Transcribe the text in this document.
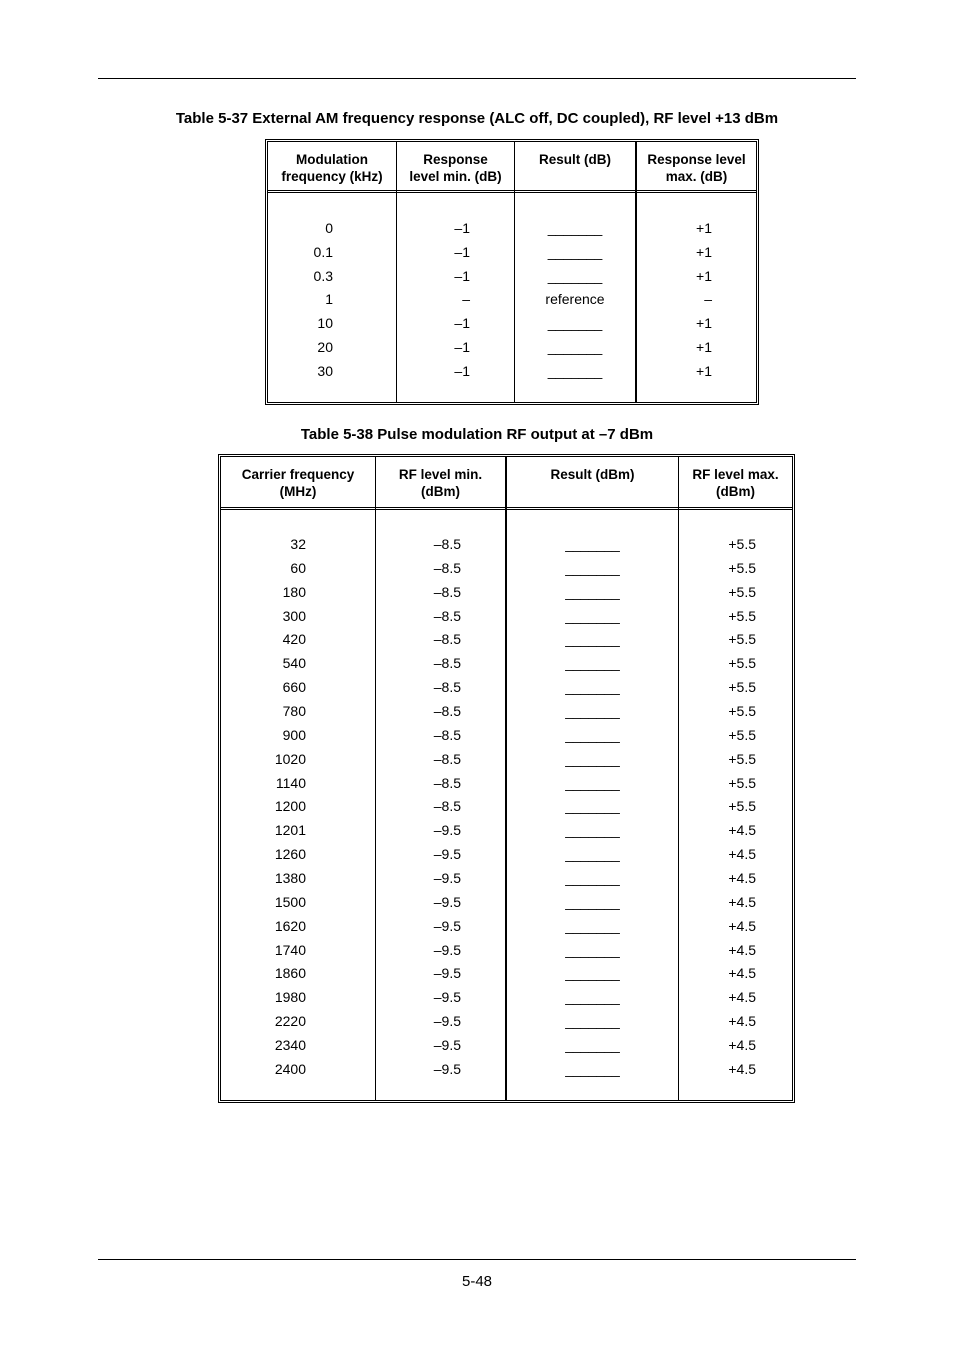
Table 5-37 External AM frequency response (ALC off, DC coupled), RF level +13 dBm
Modulation
frequency (kHz)
0
0.1
0.3
1
10
20
30
Response
level min. (dB)
–1
–1
–1
–
–1
–1
–1
Result (dB)
_______
_______
_______
reference
_______
_______
_______
Response level
max. (dB)
+1
+1
+1
–
+1
+1
+1
Table 5-38 Pulse modulation RF output at –7 dBm
Carrier frequency
(MHz)
32
60
180
300
420
540
660
780
900
1020
1140
1200
1201
1260
1380
1500
1620
1740
1860
1980
2220
2340
2400
RF level min.
(dBm)
–8.5
–8.5
–8.5
–8.5
–8.5
–8.5
–8.5
–8.5
–8.5
–8.5
–8.5
–8.5
–9.5
–9.5
–9.5
–9.5
–9.5
–9.5
–9.5
–9.5
–9.5
–9.5
–9.5
Result (dBm)
_______
_______
_______
_______
_______
_______
_______
_______
_______
_______
_______
_______
_______
_______
_______
_______
_______
_______
_______
_______
_______
_______
_______
RF level max.
(dBm)
+5.5
+5.5
+5.5
+5.5
+5.5
+5.5
+5.5
+5.5
+5.5
+5.5
+5.5
+5.5
+4.5
+4.5
+4.5
+4.5
+4.5
+4.5
+4.5
+4.5
+4.5
+4.5
+4.5
5-48
